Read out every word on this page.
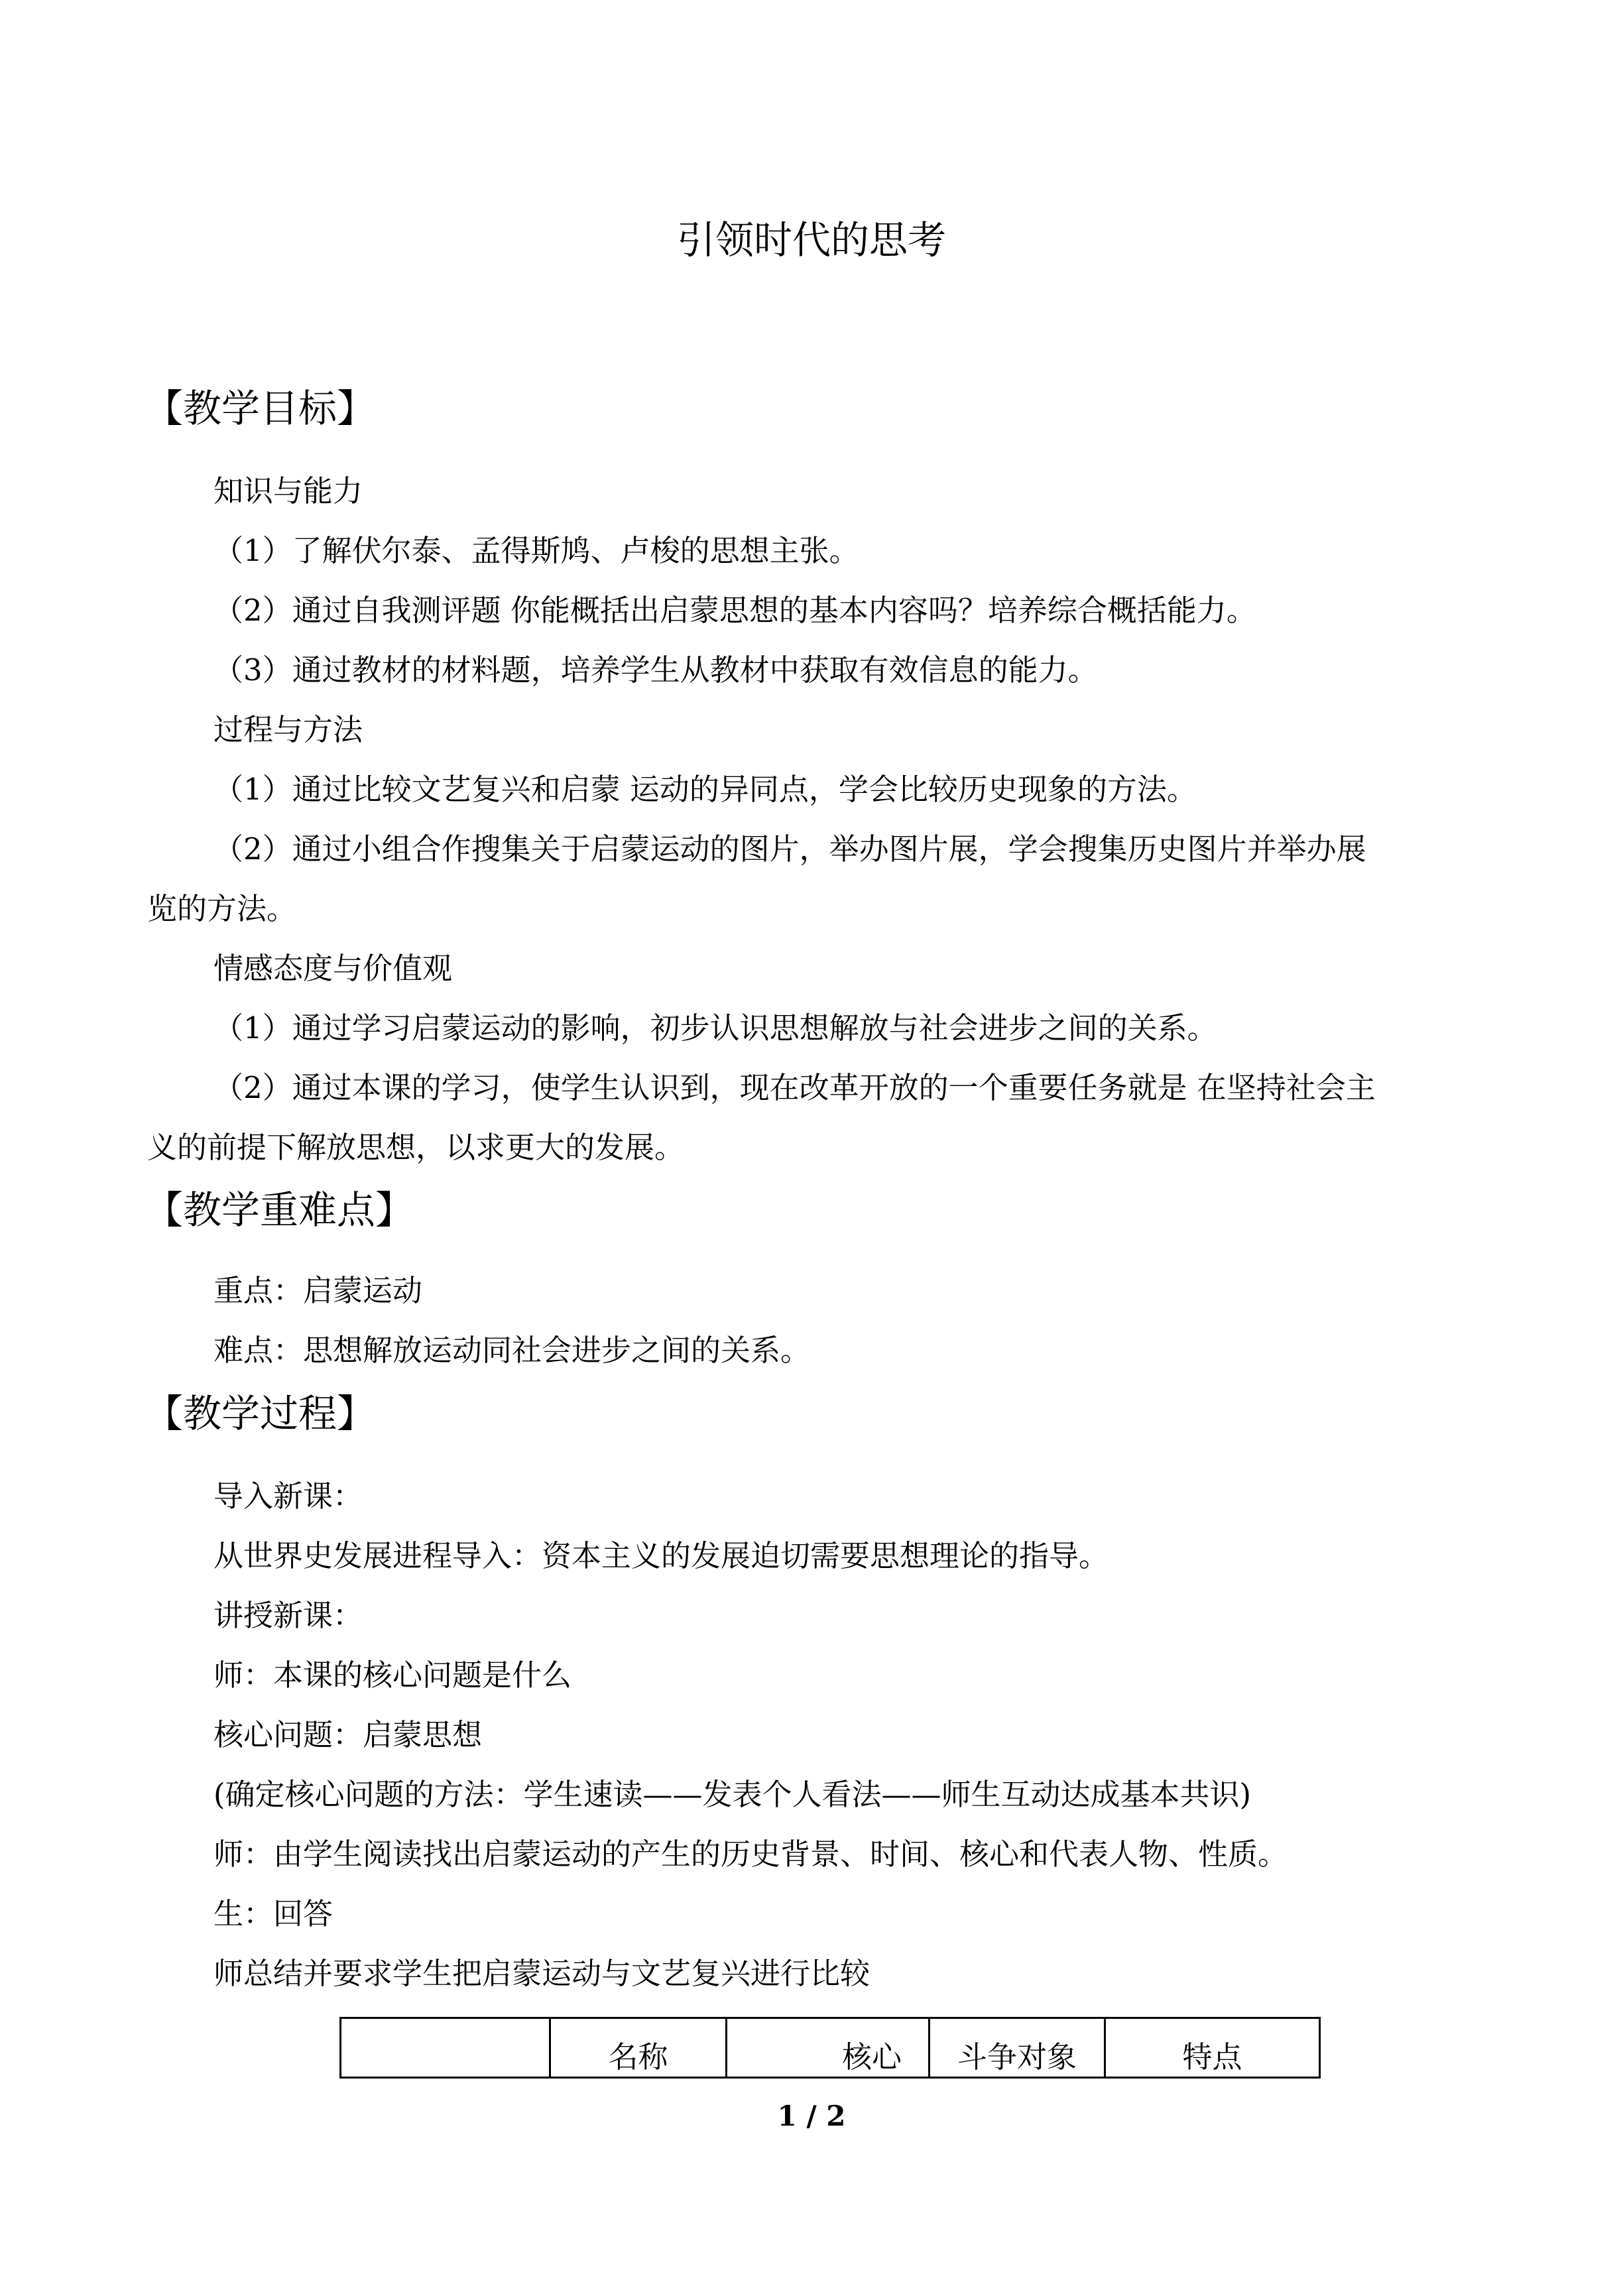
引领时代的思考
【教学目标】
知识与能力
（1）了解伏尔泰、孟得斯鸠、卢梭的思想主张。
（2）通过自我测评题 你能概括出启蒙思想的基本内容吗？培养综合概括能力。
（3）通过教材的材料题，培养学生从教材中获取有效信息的能力。
过程与方法
（1）通过比较文艺复兴和启蒙 运动的异同点，学会比较历史现象的方法。
（2）通过小组合作搜集关于启蒙运动的图片，举办图片展，学会搜集历史图片并举办展
览的方法。
情感态度与价值观
（1）通过学习启蒙运动的影响，初步认识思想解放与社会进步之间的关系。
（2）通过本课的学习，使学生认识到，现在改革开放的一个重要任务就是 在坚持社会主
义的前提下解放思想，以求更大的发展。
【教学重难点】
重点：启蒙运动
难点：思想解放运动同社会进步之间的关系。
【教学过程】
导入新课：
从世界史发展进程导入：资本主义的发展迫切需要思想理论的指导。
讲授新课：
师：本课的核心问题是什么
核心问题：启蒙思想
(确定核心问题的方法：学生速读——发表个人看法——师生互动达成基本共识)
师：由学生阅读找出启蒙运动的产生的历史背景、时间、核心和代表人物、性质。
生：回答
师总结并要求学生把启蒙运动与文艺复兴进行比较
	名称	核心	斗争对象	特点
1 / 2
